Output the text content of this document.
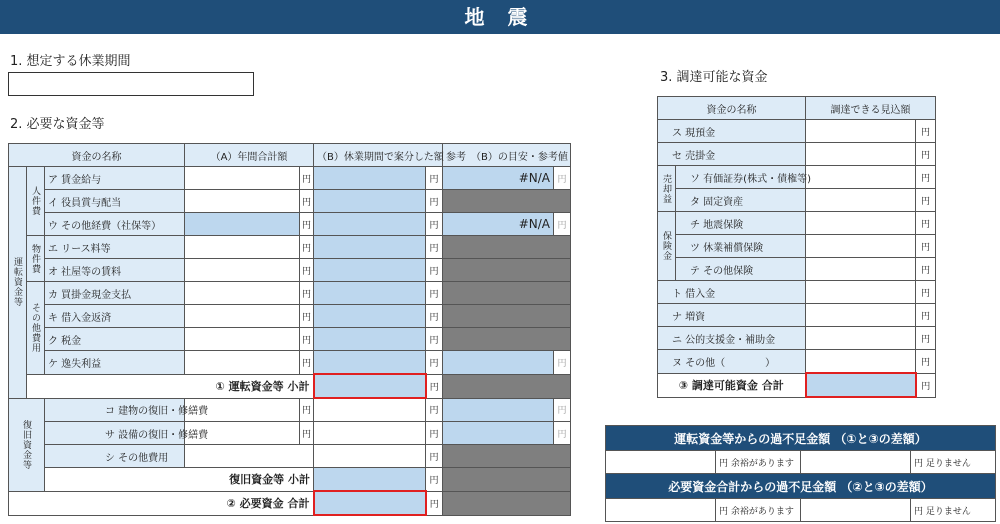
地 震
1. 想定する休業期間
2. 必要な資金等
3. 調達可能な資金
資金の名称			（A）年間合計額		（B）休業期間で案分した額		参考　（B）の目安・参考値	
運転資金等	人件費	ア 賃金給与		円		円	#N/A	円
		イ 役員賞与配当		円		円		
		ウ その他経費（社保等）		円		円	#N/A	円
	物件費	エ リース料等		円		円		
		オ 社屋等の賃料		円		円		
	その他費用	カ 買掛金現金支払		円		円		
		キ 借入金返済		円		円		
		ク 税金		円		円		
		ケ 逸失利益		円		円		円
	① 運転資金等 小計					円		
復旧資金等		コ 建物の復旧・修繕費		円		円		円
		サ 設備の復旧・修繕費		円		円		円
		シ その他費用				円		
		復旧資金等 小計				円		
② 必要資金 合計						円		
資金の名称		調達できる見込額	
ス 現預金			円
セ 売掛金			円
売却益	ソ 有価証券(株式・債権等)		円
	タ 固定資産		円
保険金	チ 地震保険		円
	ツ 休業補償保険		円
	テ その他保険		円
ト 借入金			円
ナ 増資			円
ニ 公的支援金・補助金			円
ヌ その他（　　　　）			円
③ 調達可能資金 合計			円
運転資金等からの過不足金額 （①と③の差額）			
	円 余裕があります		円 足りません
必要資金合計からの過不足金額 （②と③の差額）			
	円 余裕があります		円 足りません
